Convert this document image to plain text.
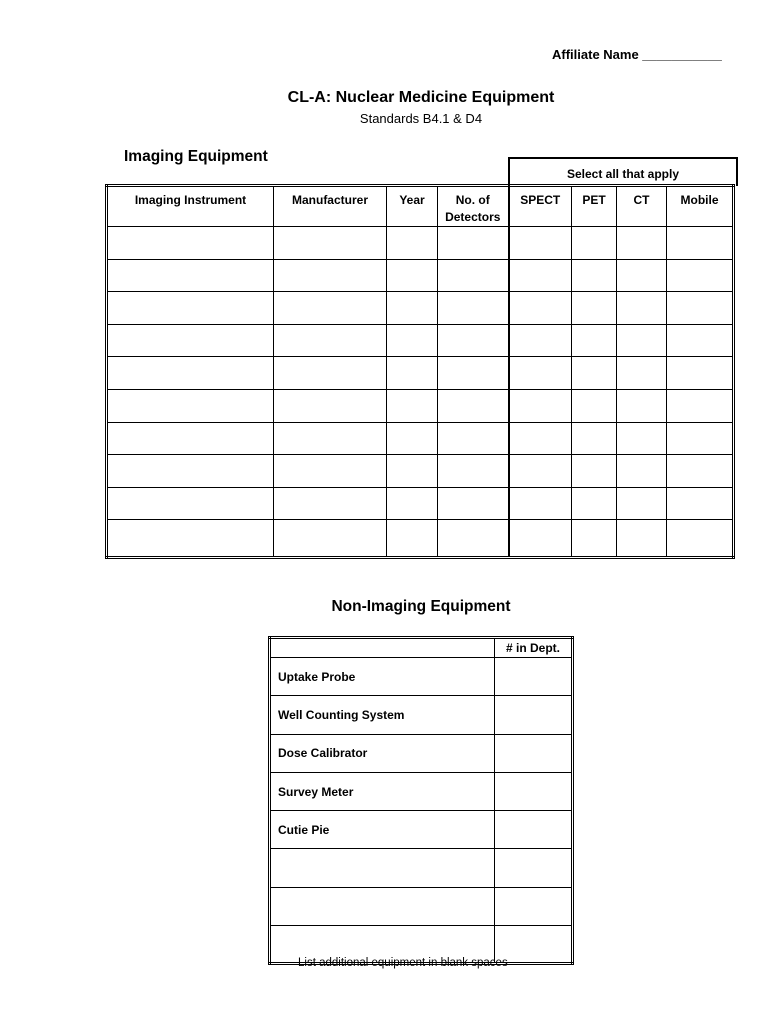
Affiliate Name ___________
CL-A: Nuclear Medicine Equipment
Standards B4.1 & D4
Imaging Equipment
Select all that apply
Imaging Instrument	Manufacturer	Year	No. of Detectors	SPECT	PET	CT	Mobile

Non-Imaging Equipment
	# in Dept.
Uptake Probe	
Well Counting System	
Dose Calibrator	
Survey Meter	
Cutie Pie	

List additional equipment in blank spaces
